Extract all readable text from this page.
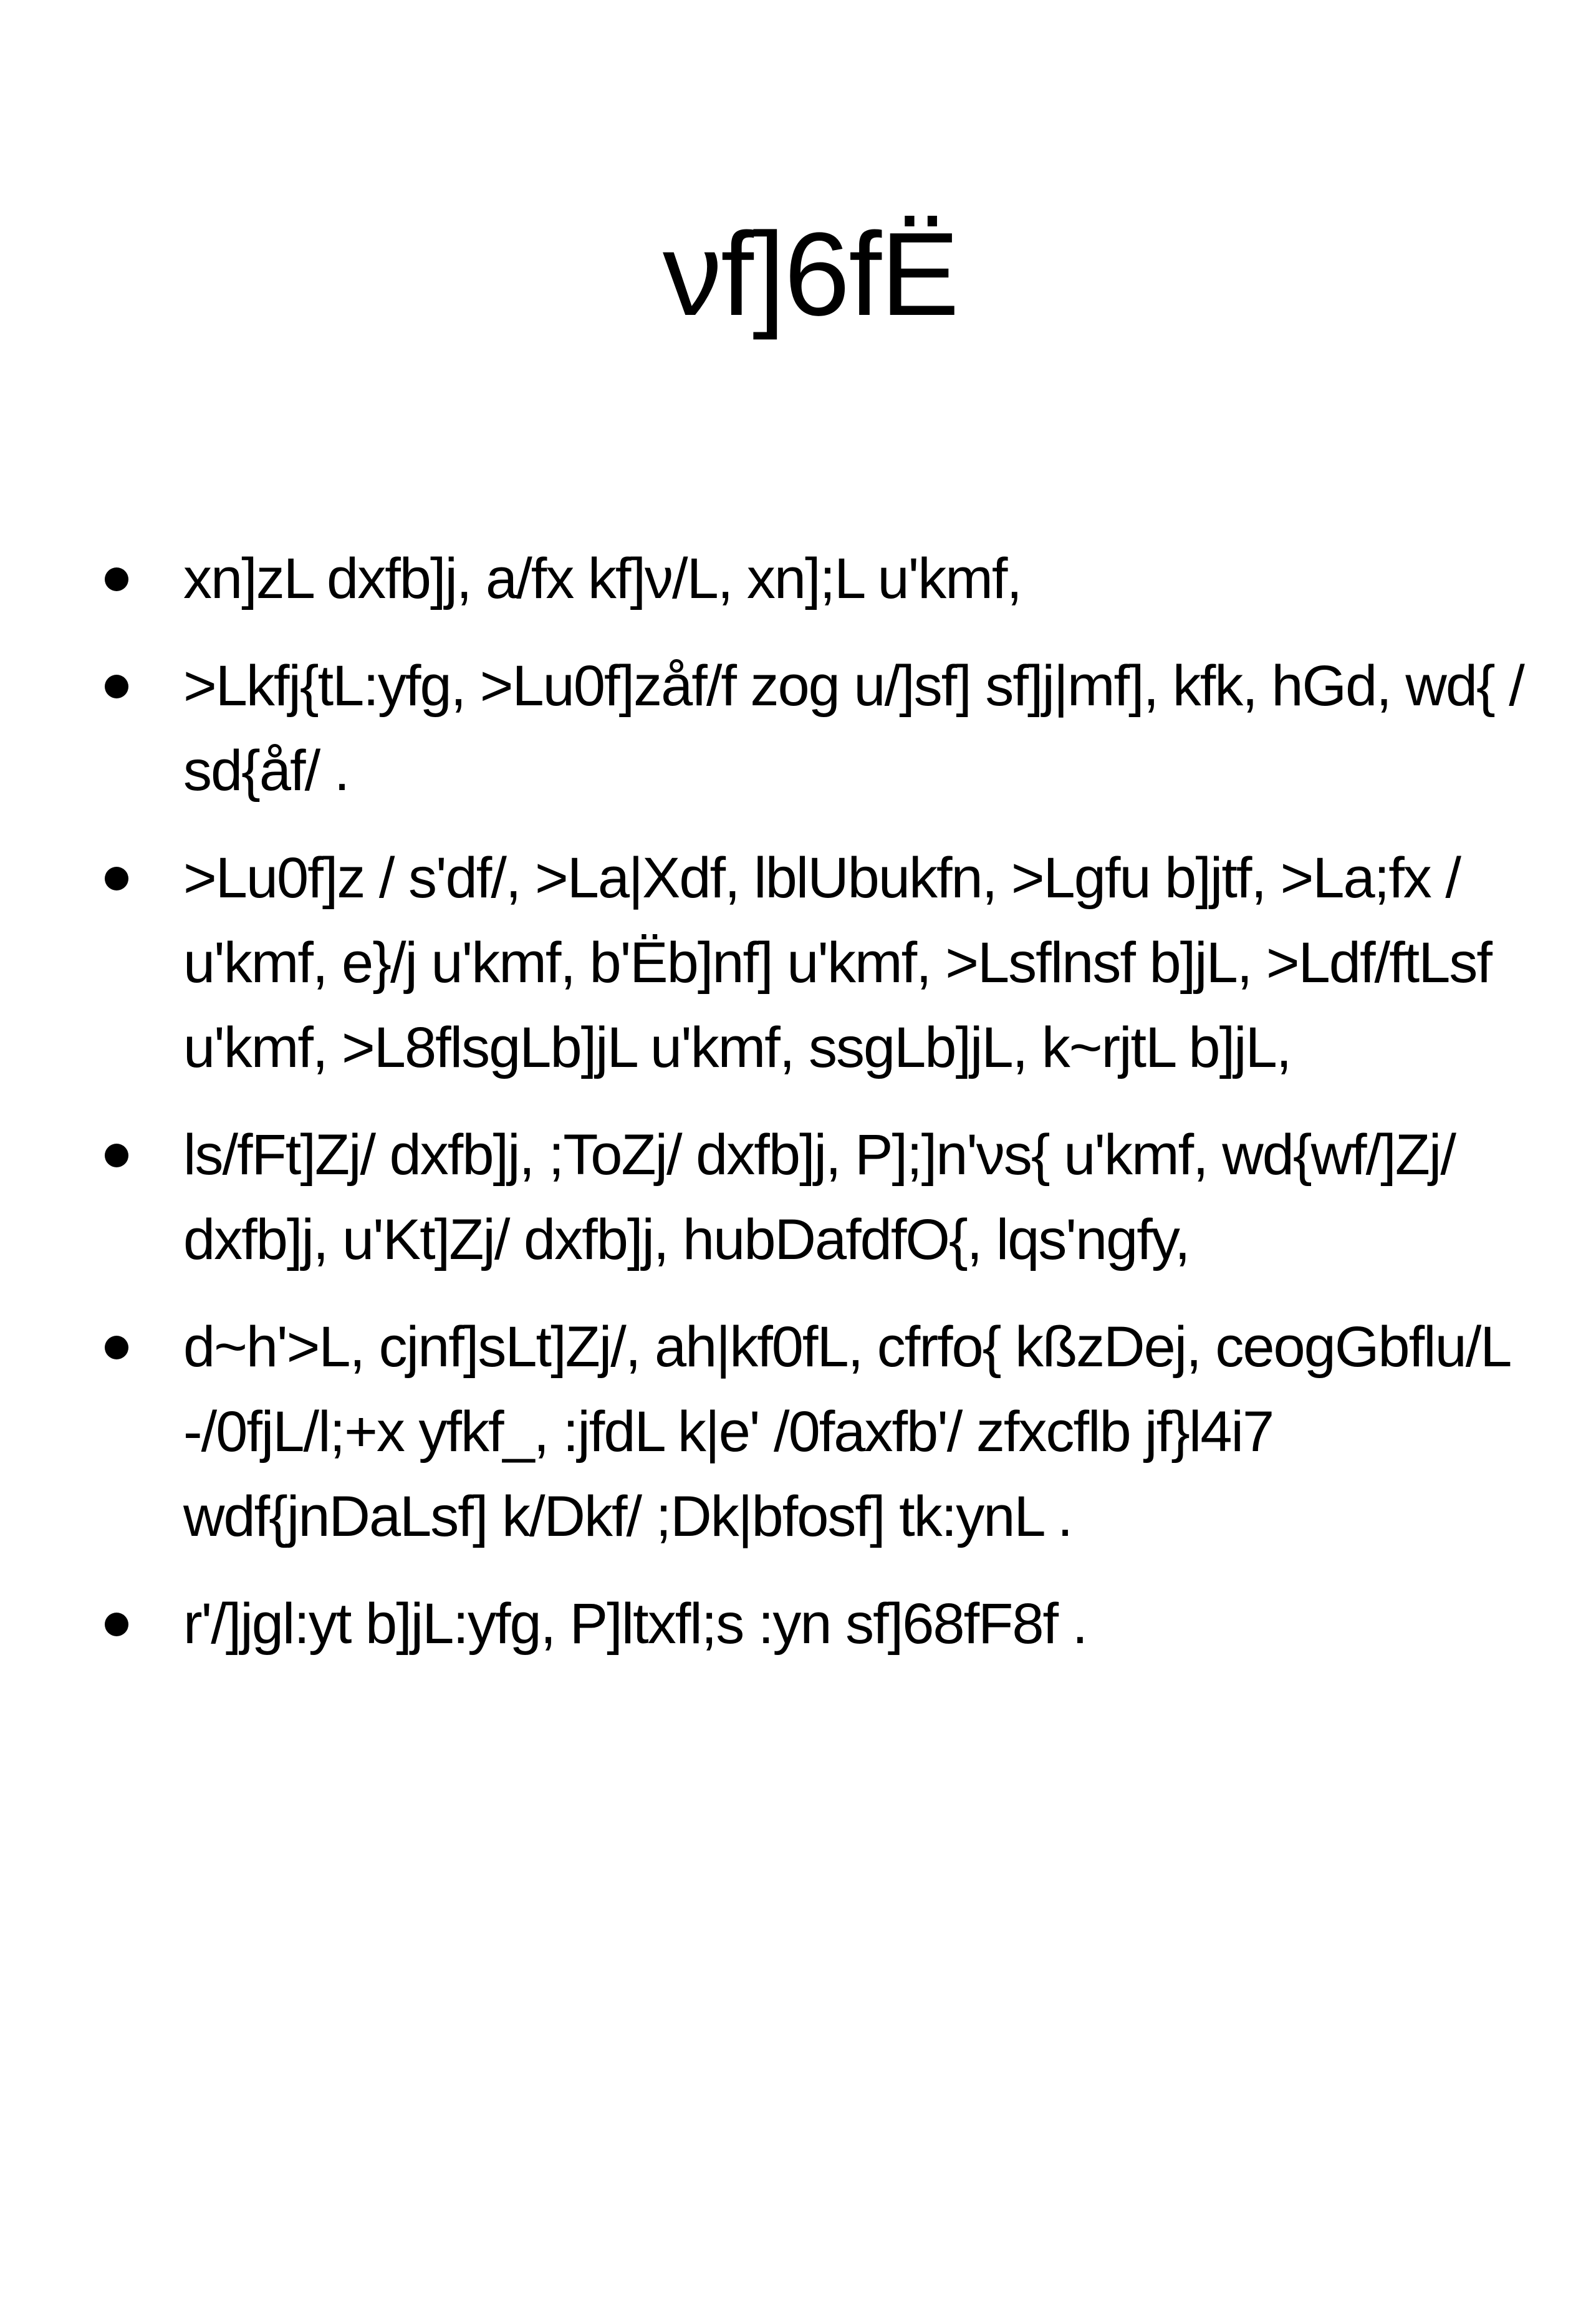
νf]6fË
xn]zL dxfb]j, a/fx kf]ν/L, xn];L u'kmf,
>Lkfj{tL:yfg, >Lu0f]zåf/f zog u/]sf] sf]j|mf], kfk, hGd, wd{ / sd{åf/ .
>Lu0f]z / s'df/, >La|Xdf, lblUbukfn, >Lgfu b]jtf, >La;fx / u'kmf, e}/j u'kmf, b'Ëb]nf] u'kmf, >Lsflnsf b]jL, >Ldf/ftLsf u'kmf, >L8flsgLb]jL u'kmf, ssgLb]jL, k~rjtL b]jL,
ls/fFt]Zj/ dxfb]j, ;ToZj/ dxfb]j, P];]n'νs{ u'kmf, wd{wf/]Zj/ dxfb]j, u'Kt]Zj/ dxfb]j, hubDafdfO{, lqs'ngfy,
d~h'>L, cjnf]sLt]Zj/, ah|kf0fL, cfrfo{ kßzDej, ceogGbflu/L -/0fjL/l;+x yfkf_, :jfdL k|e' /0faxfb'/ zfxcflb jf}l4i7 wdf{jnDaLsf] k/Dkf/ ;Dk|bfosf] tk:ynL .
r'/]jgl:yt b]jL:yfg, P]ltxfl;s :yn sf]68fF8f .
